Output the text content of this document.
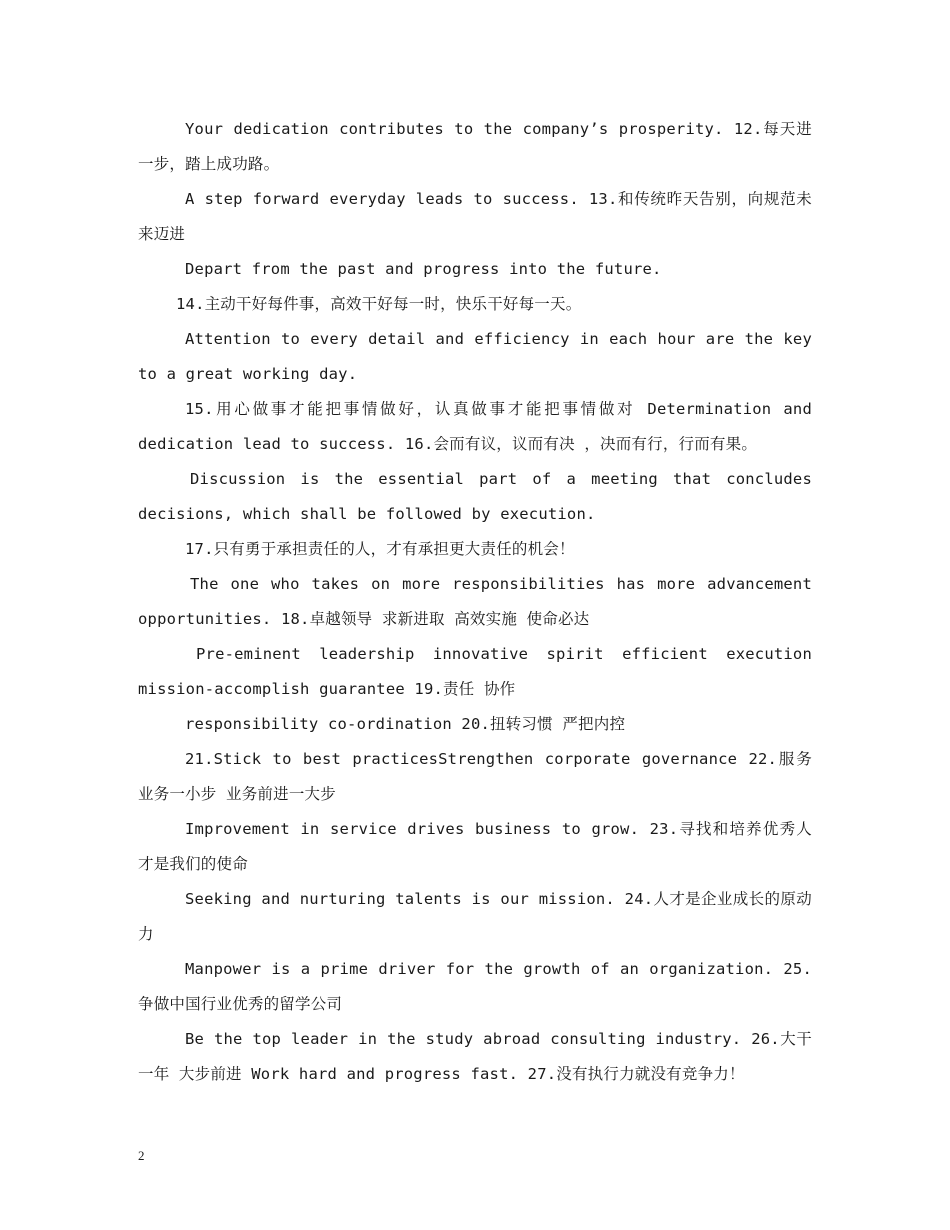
Your dedication contributes to the company’s prosperity. 12.每天进一步，踏上成功路。

A step forward everyday leads to success. 13.和传统昨天告别，向规范未来迈进

Depart from the past and progress into the future.

14.主动干好每件事，高效干好每一时，快乐干好每一天。

Attention to every detail and efficiency in each hour are the key to a great working day.

15.用心做事才能把事情做好，认真做事才能把事情做对 Determination and dedication lead to success. 16.会而有议，议而有决 ，决而有行，行而有果。

Discussion is the essential part of a meeting that concludes decisions, which shall be followed by execution.

17.只有勇于承担责任的人，才有承担更大责任的机会！

The one who takes on more responsibilities has more advancement opportunities. 18.卓越领导 求新进取 高效实施 使命必达

Pre-eminent leadership innovative spirit efficient execution mission-accomplish guarantee 19.责任 协作

responsibility co-ordination 20.扭转习惯 严把内控

21.Stick to best practicesStrengthen corporate governance 22.服务业务一小步 业务前进一大步

Improvement in service drives business to grow. 23.寻找和培养优秀人才是我们的使命

Seeking and nurturing talents is our mission. 24.人才是企业成长的原动力

Manpower is a prime driver for the growth of an organization. 25.争做中国行业优秀的留学公司

Be the top leader in the study abroad consulting industry. 26.大干一年 大步前进 Work hard and progress fast. 27.没有执行力就没有竞争力！

2
